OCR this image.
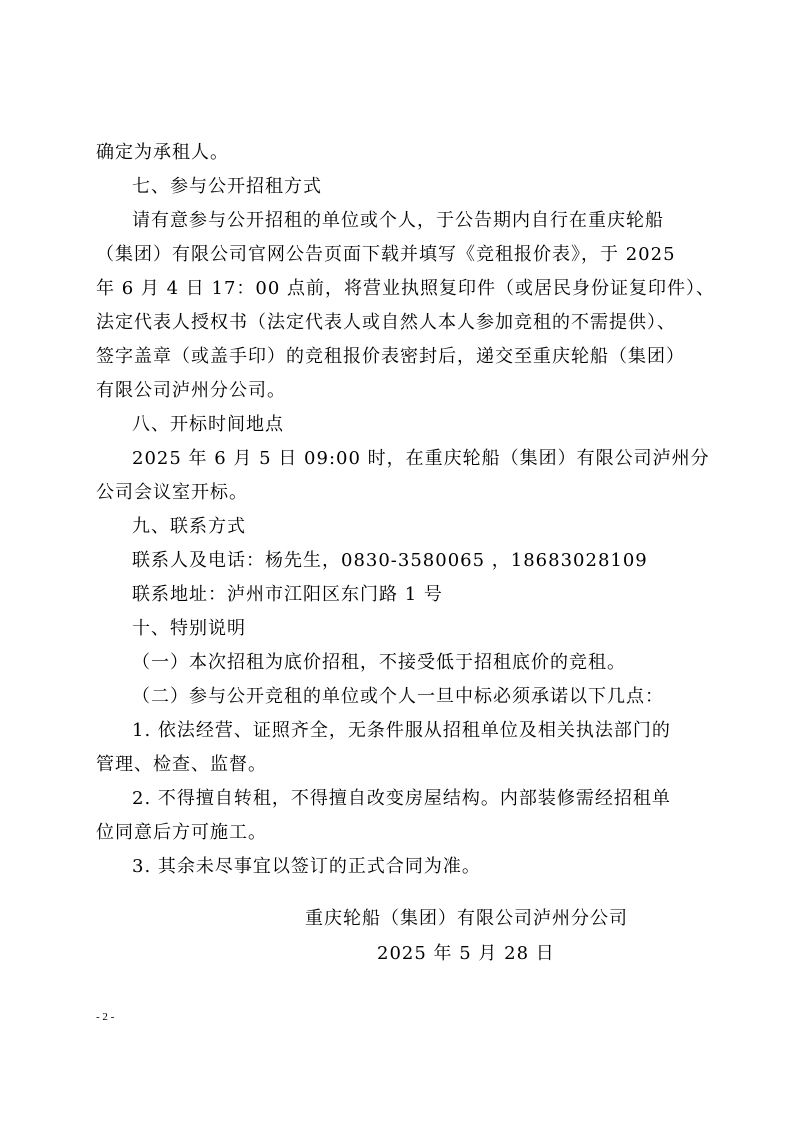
确定为承租人。
七、参与公开招租方式
请有意参与公开招租的单位或个人，于公告期内自行在重庆轮船
（集团）有限公司官网公告页面下载并填写《竞租报价表》，于 2025
年 6 月 4 日 17：00 点前，将营业执照复印件（或居民身份证复印件）、
法定代表人授权书（法定代表人或自然人本人参加竞租的不需提供）、
签字盖章（或盖手印）的竞租报价表密封后，递交至重庆轮船（集团）
有限公司泸州分公司。
八、开标时间地点
2025 年 6 月 5 日 09:00 时，在重庆轮船（集团）有限公司泸州分
公司会议室开标。
九、联系方式
联系人及电话：杨先生，0830-3580065 ，18683028109
联系地址：泸州市江阳区东门路 1 号
十、特别说明
（一）本次招租为底价招租，不接受低于招租底价的竞租。
（二）参与公开竞租的单位或个人一旦中标必须承诺以下几点：
1. 依法经营、证照齐全，无条件服从招租单位及相关执法部门的
管理、检查、监督。
2. 不得擅自转租，不得擅自改变房屋结构。内部装修需经招租单
位同意后方可施工。
3. 其余未尽事宜以签订的正式合同为准。
重庆轮船（集团）有限公司泸州分公司
2025 年 5 月 28 日
- 2 -
